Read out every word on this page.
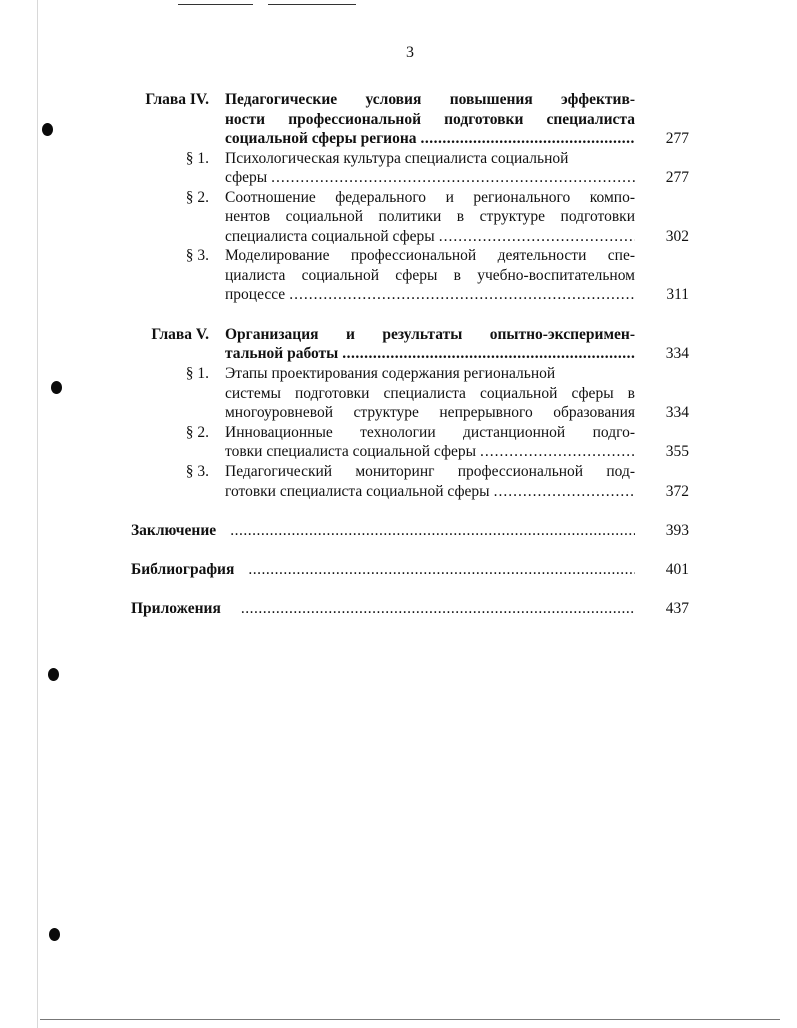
3
Глава IV. Педагогические условия повышения эффектив-
ности профессиональной подготовки специалиста
социальной сферы региона .....	277
§ 1. Психологическая культура специалиста социальной
сферы .....	277
§ 2. Соотношение федерального и регионального компо-
нентов социальной политики в структуре подготовки
специалиста социальной сферы .....	302
§ 3. Моделирование профессиональной деятельности спе-
циалиста социальной сферы в учебно-воспитательном
процессе .....	311
Глава V. Организация и результаты опытно-эксперимен-
тальной работы .....	334
§ 1. Этапы проектирования содержания региональной
системы подготовки специалиста социальной сферы в
многоуровневой структуре непрерывного образования 334
§ 2. Инновационные технологии дистанционной подго-
товки специалиста социальной сферы .....	355
§ 3. Педагогический мониторинг профессиональной под-
готовки специалиста социальной сферы .....	372
Заключение .....	393
Библиография .....	401
Приложения .....	437
